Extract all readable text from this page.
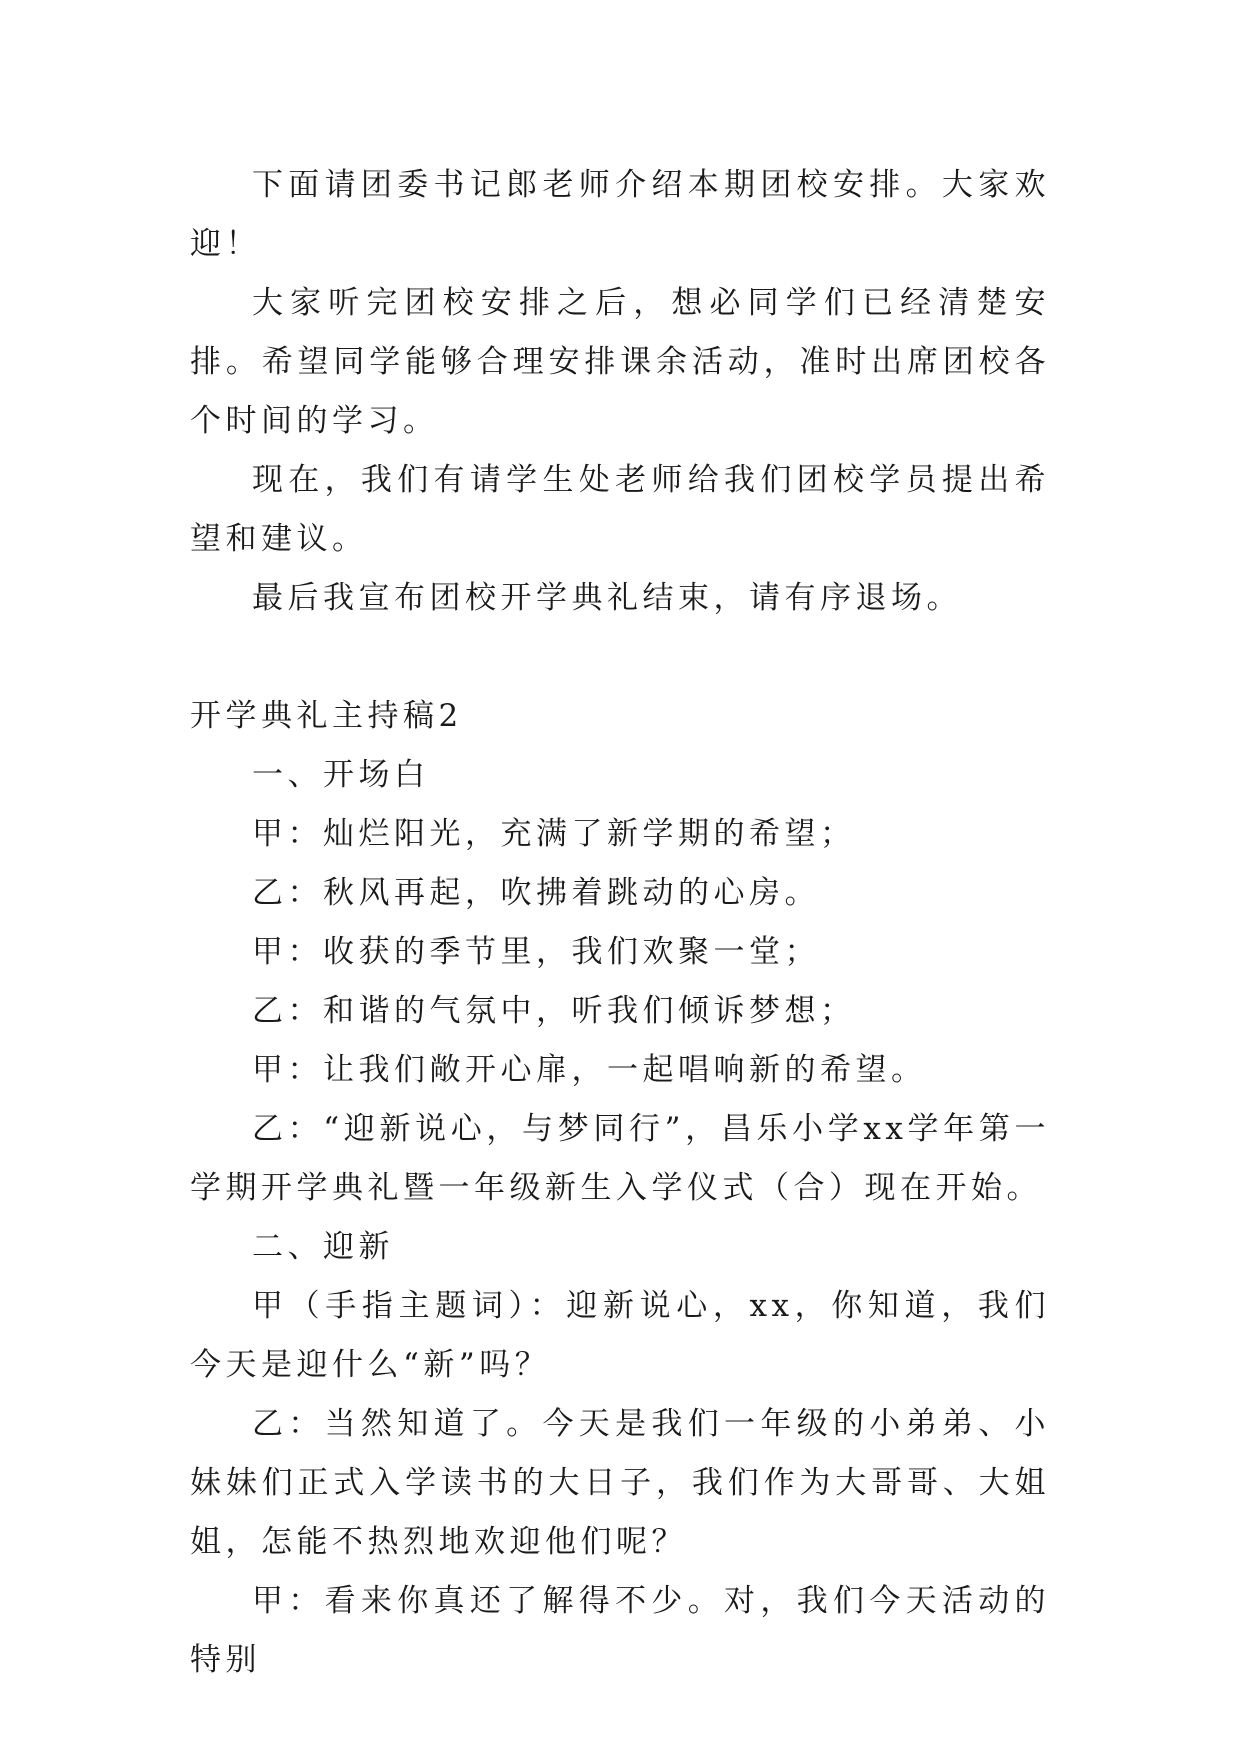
下面请团委书记郎老师介绍本期团校安排。大家欢迎！

大家听完团校安排之后，想必同学们已经清楚安排。希望同学能够合理安排课余活动，准时出席团校各个时间的学习。

现在，我们有请学生处老师给我们团校学员提出希望和建议。

最后我宣布团校开学典礼结束，请有序退场。

开学典礼主持稿2

一、开场白

甲：灿烂阳光，充满了新学期的希望；

乙：秋风再起，吹拂着跳动的心房。

甲：收获的季节里，我们欢聚一堂；

乙：和谐的气氛中，听我们倾诉梦想；

甲：让我们敞开心扉，一起唱响新的希望。

乙：“迎新说心，与梦同行”，昌乐小学xx学年第一学期开学典礼暨一年级新生入学仪式（合）现在开始。

二、迎新

甲（手指主题词）：迎新说心，xx，你知道，我们今天是迎什么“新”吗？

乙：当然知道了。今天是我们一年级的小弟弟、小妹妹们正式入学读书的大日子，我们作为大哥哥、大姐姐，怎能不热烈地欢迎他们呢？

甲：看来你真还了解得不少。对，我们今天活动的特别
